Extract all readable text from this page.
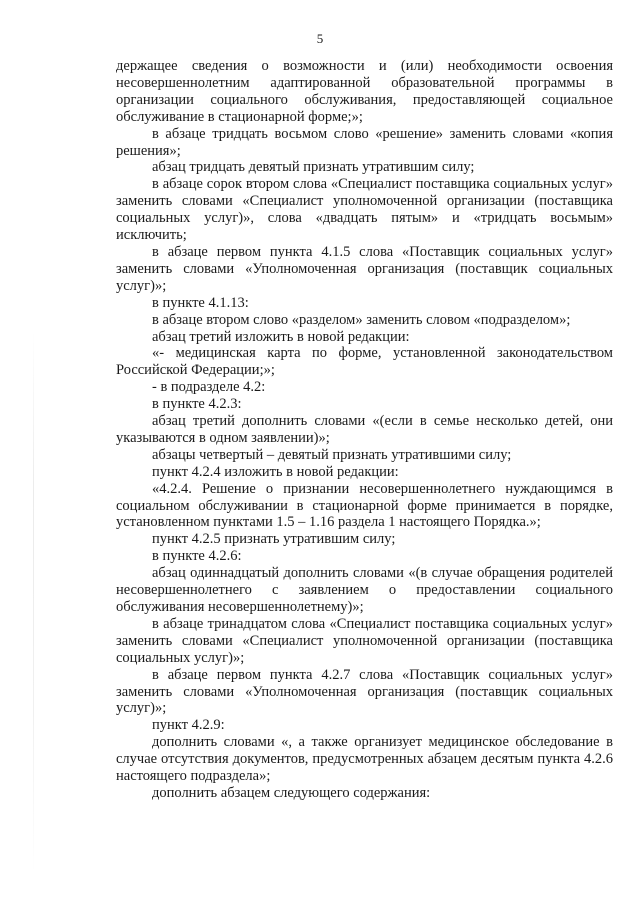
5

держащее сведения о возможности и (или) необходимости освоения несовершеннолетним адаптированной образовательной программы в организации социального обслуживания, предоставляющей социальное обслуживание в стационарной форме;»;

в абзаце тридцать восьмом слово «решение» заменить словами «копия решения»;

абзац тридцать девятый признать утратившим силу;

в абзаце сорок втором слова «Специалист поставщика социальных услуг» заменить словами «Специалист уполномоченной организации (поставщика социальных услуг)», слова «двадцать пятым» и «тридцать восьмым» исключить;

в абзаце первом пункта 4.1.5 слова «Поставщик социальных услуг» заменить словами «Уполномоченная организация (поставщик социальных услуг)»;

в пункте 4.1.13:

в абзаце втором слово «разделом» заменить словом «подразделом»;

абзац третий изложить в новой редакции:

«- медицинская карта по форме, установленной законодательством Российской Федерации;»;

- в подразделе 4.2:

в пункте 4.2.3:

абзац третий дополнить словами «(если в семье несколько детей, они указываются в одном заявлении)»;

абзацы четвертый – девятый признать утратившими силу;

пункт 4.2.4 изложить в новой редакции:

«4.2.4. Решение о признании несовершеннолетнего нуждающимся в социальном обслуживании в стационарной форме принимается в порядке, установленном пунктами 1.5 – 1.16 раздела 1 настоящего Порядка.»;

пункт 4.2.5 признать утратившим силу;

в пункте 4.2.6:

абзац одиннадцатый дополнить словами «(в случае обращения родителей несовершеннолетнего с заявлением о предоставлении социального обслуживания несовершеннолетнему)»;

в абзаце тринадцатом слова «Специалист поставщика социальных услуг» заменить словами «Специалист уполномоченной организации (поставщика социальных услуг)»;

в абзаце первом пункта 4.2.7 слова «Поставщик социальных услуг» заменить словами «Уполномоченная организация (поставщик социальных услуг)»;

пункт 4.2.9:

дополнить словами «, а также организует медицинское обследование в случае отсутствия документов, предусмотренных абзацем десятым пункта 4.2.6 настоящего подраздела»;

дополнить абзацем следующего содержания:
